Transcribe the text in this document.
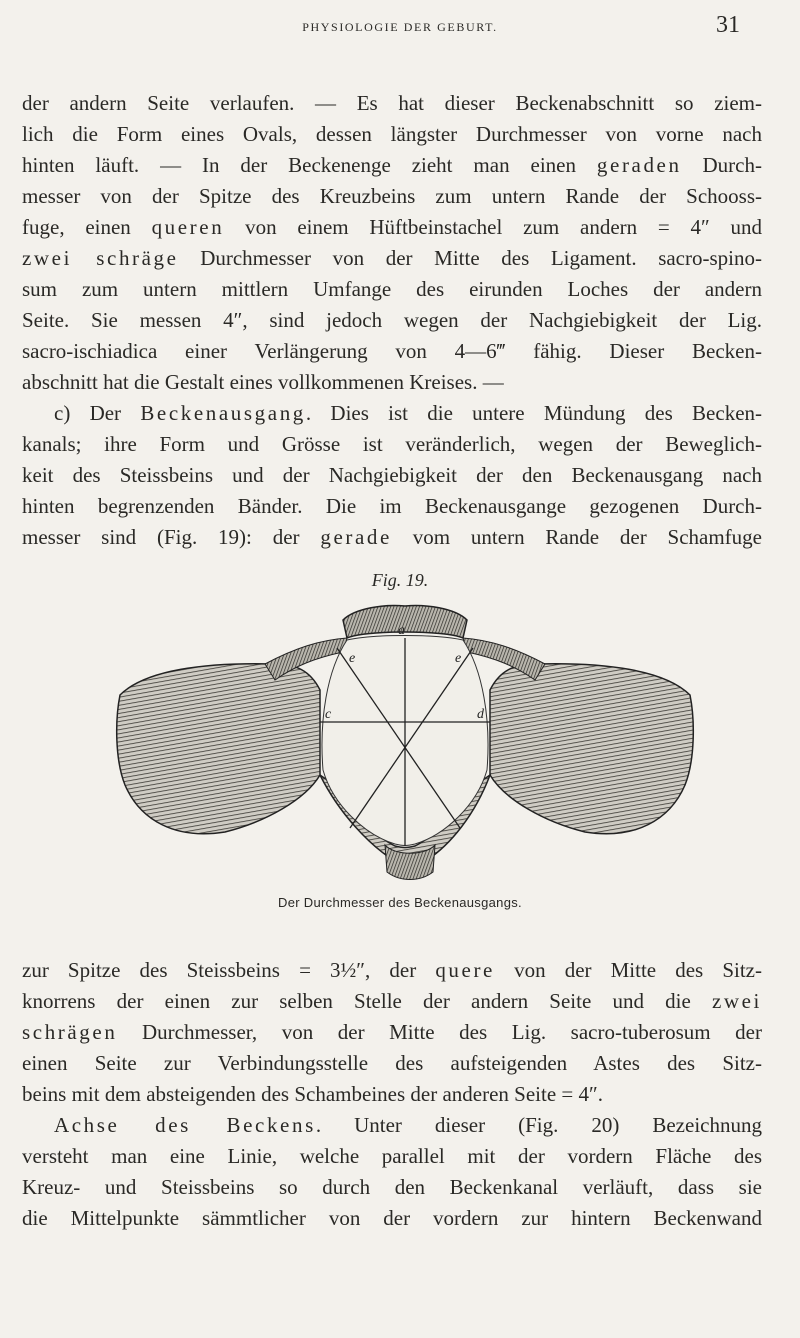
PHYSIOLOGIE DER GEBURT.	31
der andern Seite verlaufen. — Es hat dieser Beckenabschnitt so ziem-
lich die Form eines Ovals, dessen längster Durchmesser von vorne nach
hinten läuft. — In der Beckenenge zieht man einen geraden Durch-
messer von der Spitze des Kreuzbeins zum untern Rande der Schooss-
fuge, einen queren von einem Hüftbeinstachel zum andern = 4″ und
zwei schräge Durchmesser von der Mitte des Ligament. sacro-spino-
sum zum untern mittlern Umfange des eirunden Loches der andern
Seite. Sie messen 4″, sind jedoch wegen der Nachgiebigkeit der Lig.
sacro-ischiadica einer Verlängerung von 4—6‴ fähig. Dieser Becken-
abschnitt hat die Gestalt eines vollkommenen Kreises. —
c) Der Beckenausgang. Dies ist die untere Mündung des Becken-
kanals; ihre Form und Grösse ist veränderlich, wegen der Beweglich-
keit des Steissbeins und der Nachgiebigkeit der den Beckenausgang nach
hinten begrenzenden Bänder. Die im Beckenausgange gezogenen Durch-
messer sind (Fig. 19): der gerade vom untern Rande der Schamfuge
Fig. 19.
a
e	e
c	d
Der Durchmesser des Beckenausgangs.
zur Spitze des Steissbeins = 3½″, der quere von der Mitte des Sitz-
knorrens der einen zur selben Stelle der andern Seite und die zwei
schrägen Durchmesser, von der Mitte des Lig. sacro-tuberosum der
einen Seite zur Verbindungsstelle des aufsteigenden Astes des Sitz-
beins mit dem absteigenden des Schambeines der anderen Seite = 4″.
Achse des Beckens. Unter dieser (Fig. 20) Bezeichnung
versteht man eine Linie, welche parallel mit der vordern Fläche des
Kreuz- und Steissbeins so durch den Beckenkanal verläuft, dass sie
die Mittelpunkte sämmtlicher von der vordern zur hintern Beckenwand
